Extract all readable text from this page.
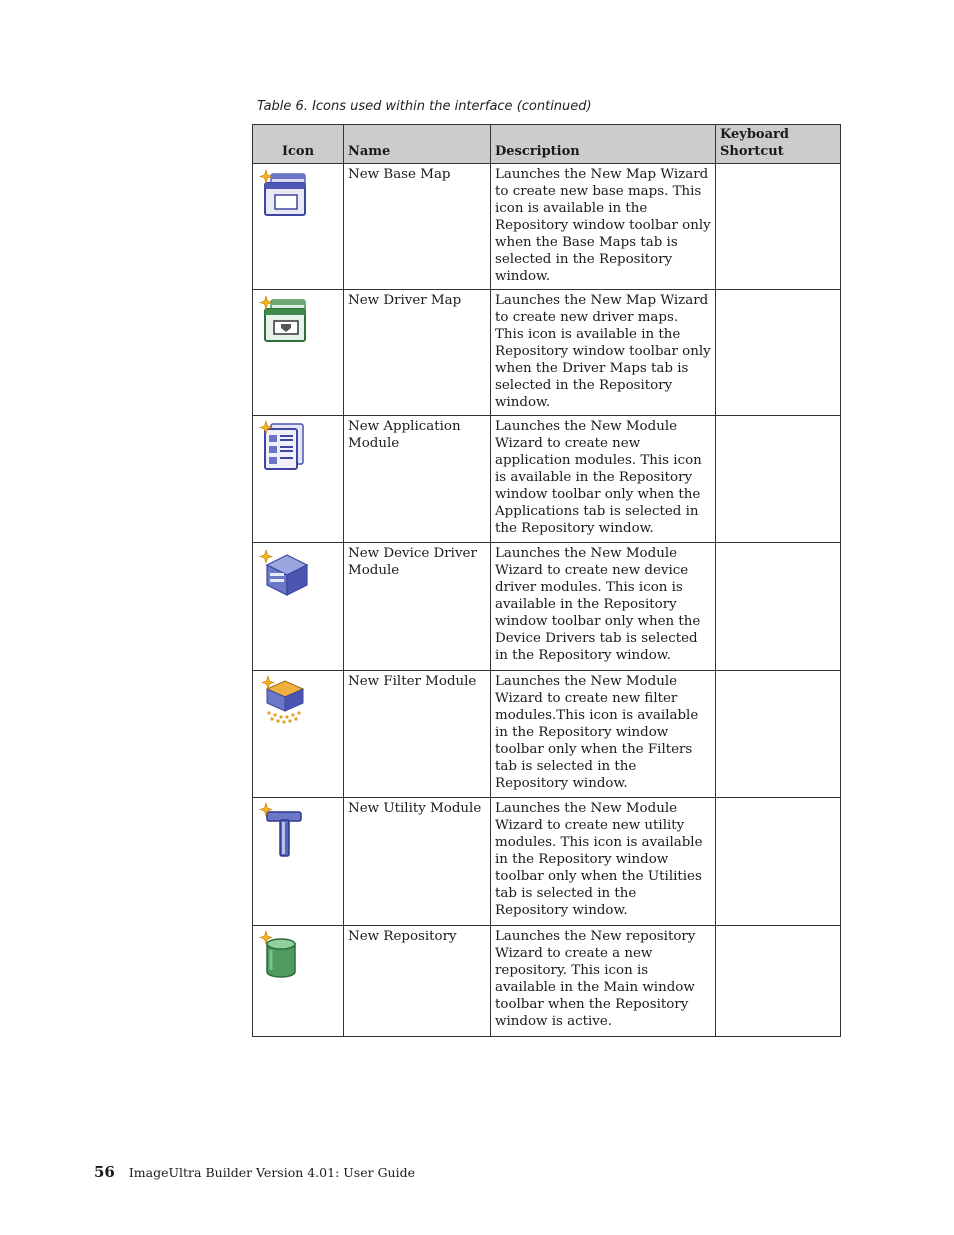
Table 6. Icons used within the interface (continued)
Icon	Name	Description	Keyboard
Shortcut
	New Base Map	Launches the New Map Wizard to create new base maps. This icon is available in the Repository window toolbar only when the Base Maps tab is selected in the Repository window.	
	New Driver Map	Launches the New Map Wizard to create new driver maps. This icon is available in the Repository window toolbar only when the Driver Maps tab is selected in the Repository window.	
	New Application Module	Launches the New Module Wizard to create new application modules. This icon is available in the Repository window toolbar only when the Applications tab is selected in the Repository window.	
	New Device Driver Module	Launches the New Module Wizard to create new device driver modules. This icon is available in the Repository window toolbar only when the Device Drivers tab is selected in the Repository window.	
	New Filter Module	Launches the New Module Wizard to create new filter modules.This icon is available in the Repository window toolbar only when the Filters tab is selected in the Repository window.	
	New Utility Module	Launches the New Module Wizard to create new utility modules. This icon is available in the Repository window toolbar only when the Utilities tab is selected in the Repository window.	
	New Repository	Launches the New repository Wizard to create a new repository. This icon is available in the Main window toolbar when the Repository window is active.	
56 ImageUltra Builder Version 4.01: User Guide
